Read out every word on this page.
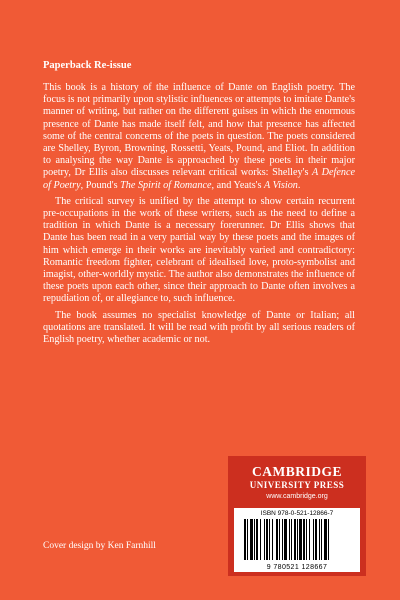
Paperback Re-issue

This book is a history of the influence of Dante on English poetry. The focus is not primarily upon stylistic influences or attempts to imitate Dante's manner of writing, but rather on the different guises in which the enormous presence of Dante has made itself felt, and how that presence has affected some of the central concerns of the poets in question. The poets considered are Shelley, Byron, Browning, Rossetti, Yeats, Pound, and Eliot. In addition to analysing the way Dante is approached by these poets in their major poetry, Dr Ellis also discusses relevant critical works: Shelley's A Defence of Poetry, Pound's The Spirit of Romance, and Yeats's A Vision.

The critical survey is unified by the attempt to show certain recurrent pre-occupations in the work of these writers, such as the need to define a tradition in which Dante is a necessary forerunner. Dr Ellis shows that Dante has been read in a very partial way by these poets and the images of him which emerge in their works are inevitably varied and contradictory: Romantic freedom fighter, celebrant of idealised love, proto-symbolist and imagist, other-worldly mystic. The author also demonstrates the influence of these poets upon each other, since their approach to Dante often involves a repudiation of, or allegiance to, such influence.

The book assumes no specialist knowledge of Dante or Italian; all quotations are translated. It will be read with profit by all serious readers of English poetry, whether academic or not.

Cover design by Ken Farnhill
CAMBRIDGE
UNIVERSITY PRESS
www.cambridge.org
ISBN 978-0-521-12866-7
9 780521 128667
